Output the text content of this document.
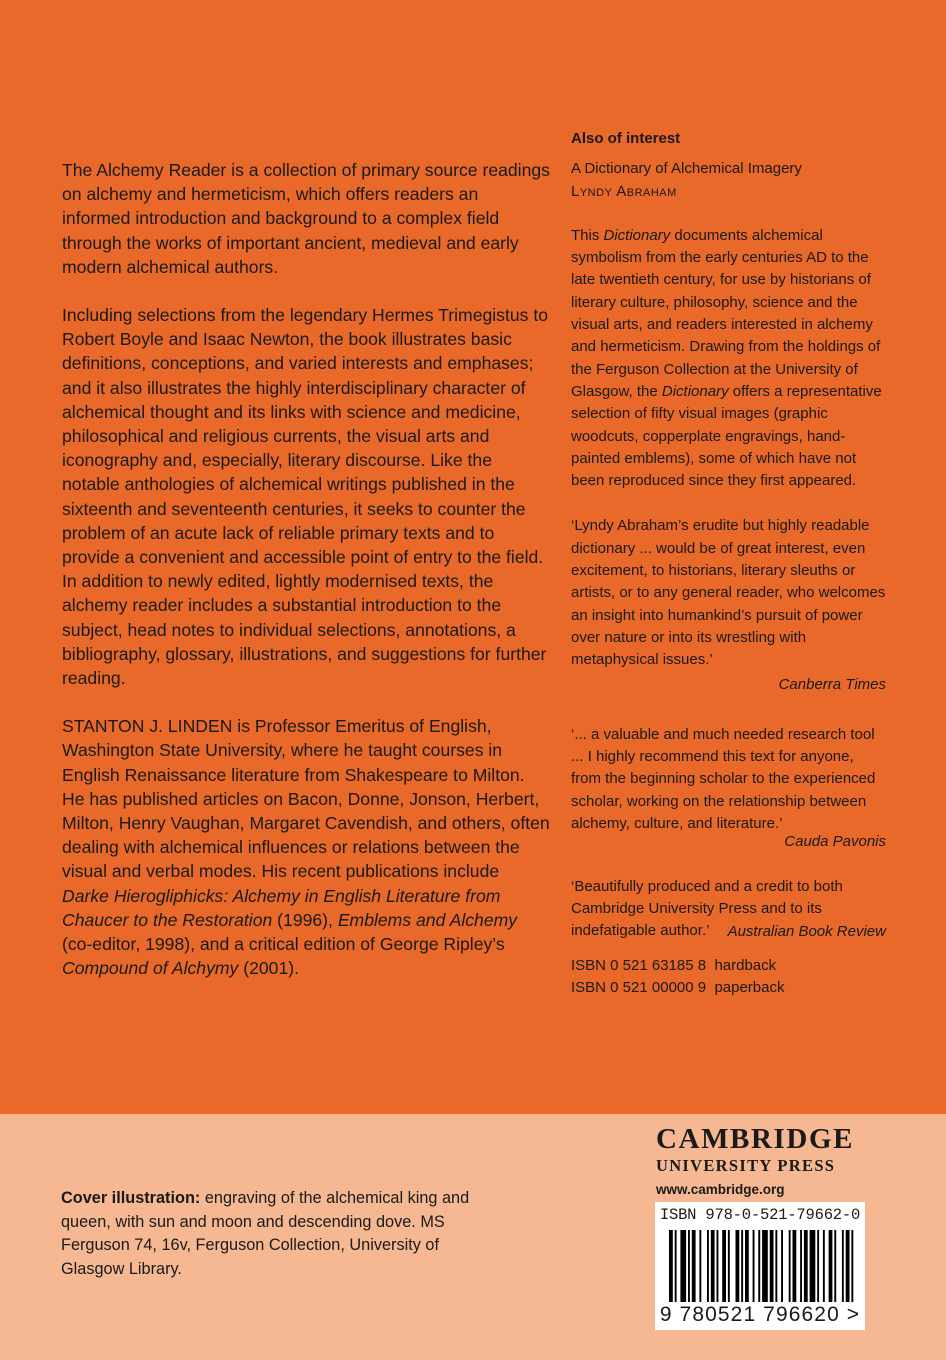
The Alchemy Reader is a collection of primary source readings on alchemy and hermeticism, which offers readers an informed introduction and background to a complex field through the works of important ancient, medieval and early modern alchemical authors.

Including selections from the legendary Hermes Trimegistus to Robert Boyle and Isaac Newton, the book illustrates basic definitions, conceptions, and varied interests and emphases; and it also illustrates the highly interdisciplinary character of alchemical thought and its links with science and medicine, philosophical and religious currents, the visual arts and iconography and, especially, literary discourse. Like the notable anthologies of alchemical writings published in the sixteenth and seventeenth centuries, it seeks to counter the problem of an acute lack of reliable primary texts and to provide a convenient and accessible point of entry to the field.

In addition to newly edited, lightly modernised texts, the alchemy reader includes a substantial introduction to the subject, head notes to individual selections, annotations, a bibliography, glossary, illustrations, and suggestions for further reading.

STANTON J. LINDEN is Professor Emeritus of English, Washington State University, where he taught courses in English Renaissance literature from Shakespeare to Milton. He has published articles on Bacon, Donne, Jonson, Herbert, Milton, Henry Vaughan, Margaret Cavendish, and others, often dealing with alchemical influences or relations between the visual and verbal modes. His recent publications include Darke Hierogliphicks: Alchemy in English Literature from Chaucer to the Restoration (1996), Emblems and Alchemy (co-editor, 1998), and a critical edition of George Ripley’s Compound of Alchymy (2001).

Also of interest

A Dictionary of Alchemical Imagery

Lyndy Abraham

This Dictionary documents alchemical symbolism from the early centuries AD to the late twentieth century, for use by historians of literary culture, philosophy, science and the visual arts, and readers interested in alchemy and hermeticism. Drawing from the holdings of the Ferguson Collection at the University of Glasgow, the Dictionary offers a representative selection of fifty visual images (graphic woodcuts, copperplate engravings, hand-painted emblems), some of which have not been reproduced since they first appeared.

‘Lyndy Abraham’s erudite but highly readable dictionary ... would be of great interest, even excitement, to historians, literary sleuths or artists, or to any general reader, who welcomes an insight into humankind’s pursuit of power over nature or into its wrestling with metaphysical issues.’

Canberra Times

‘... a valuable and much needed research tool ... I highly recommend this text for anyone, from the beginning scholar to the experienced scholar, working on the relationship between alchemy, culture, and literature.’

Cauda Pavonis

‘Beautifully produced and a credit to both Cambridge University Press and to its indefatigable author.’	Australian Book Review

ISBN 0 521 63185 8  hardback

ISBN 0 521 00000 9  paperback

Cover illustration: engraving of the alchemical king and queen, with sun and moon and descending dove. MS Ferguson 74, 16v, Ferguson Collection, University of Glasgow Library.
CAMBRIDGE
UNIVERSITY PRESS
www.cambridge.org
ISBN 978-0-521-79662-0
9 780521 796620 >
